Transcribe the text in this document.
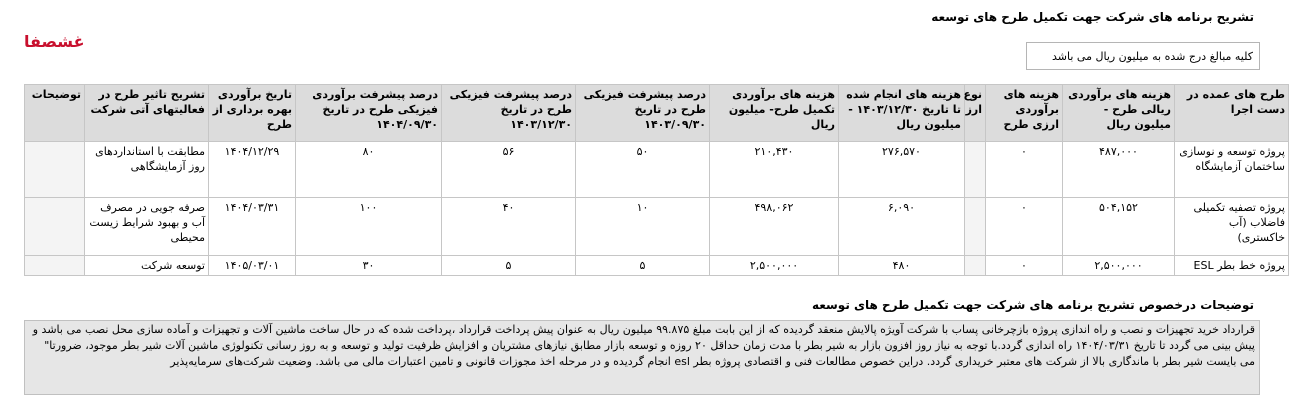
تشریح برنامه های شرکت جهت تکمیل طرح های توسعه
غشصفا
کلیه مبالغ درج شده به میلیون ریال می باشد
طرح های عمده در دست اجرا	هزینه های برآوردی ریالی طرح - میلیون ریال	هزینه های برآوردی ارزی طرح	نوع ارز	هزینه های انجام شده تا تاریخ ۱۴۰۳/۱۲/۳۰ - میلیون ریال	هزینه های برآوردی تکمیل طرح- میلیون ریال	درصد پیشرفت فیزیکی طرح در تاریخ ۱۴۰۳/۰۹/۳۰	درصد پیشرفت فیزیکی طرح در تاریخ ۱۴۰۳/۱۲/۳۰	درصد پیشرفت برآوردی فیزیکی طرح در تاریخ ۱۴۰۴/۰۹/۳۰	تاریخ برآوردی بهره برداری از طرح	تشریح تاثیر طرح در فعالیتهای آتی شرکت	توضیحات
پروژه توسعه و نوسازی ساختمان آزمایشگاه	۴۸۷,۰۰۰	۰		۲۷۶,۵۷۰	۲۱۰,۴۳۰	۵۰	۵۶	۸۰	۱۴۰۴/۱۲/۲۹	مطابقت با استانداردهای روز آزمایشگاهی	
پروژه تصفیه تکمیلی فاضلاب (آب خاکستری)	۵۰۴,۱۵۲	۰		۶,۰۹۰	۴۹۸,۰۶۲	۱۰	۴۰	۱۰۰	۱۴۰۴/۰۳/۳۱	صرفه جویی در مصرف آب و بهبود شرایط زیست محیطی	
پروژه خط بطر ESL	۲,۵۰۰,۰۰۰	۰		۴۸۰	۲,۵۰۰,۰۰۰	۵	۵	۳۰	۱۴۰۵/۰۳/۰۱	توسعه شرکت	
توضیحات درخصوص تشریح برنامه های شرکت جهت تکمیل طرح های توسعه
قرارداد خرید تجهیزات و نصب و راه اندازی پروژه بازچرخانی پساب با شرکت آویژه پالایش منعقد گردیده که از این بابت مبلغ ۹۹.۸۷۵ میلیون ریال به عنوان پیش پرداخت قرارداد ،پرداخت شده که در حال ساخت ماشین آلات و تجهیزات و آماده سازی محل نصب می باشد و پیش بینی می گردد تا تاریخ ۱۴۰۴/۰۳/۳۱ راه اندازی گردد.با توجه به نیاز روز افزون بازار به شیر بطر با مدت زمان حداقل ۲۰ روزه و توسعه بازار مطابق نیازهای مشتریان و افزایش ظرفیت تولید و توسعه و به روز رسانی تکنولوژی ماشین آلات شیر بطر موجود، ضرورتا" می بایست شیر بطر با ماندگاری بالا از شرکت های معتبر خریداری گردد. دراین خصوص مطالعات فنی و اقتصادی پروژه بطر esl انجام گردیده و در مرحله اخذ مجوزات قانونی و تامین اعتبارات مالی می باشد. وضعیت شرکت‌های سرمایه‌پذیر
